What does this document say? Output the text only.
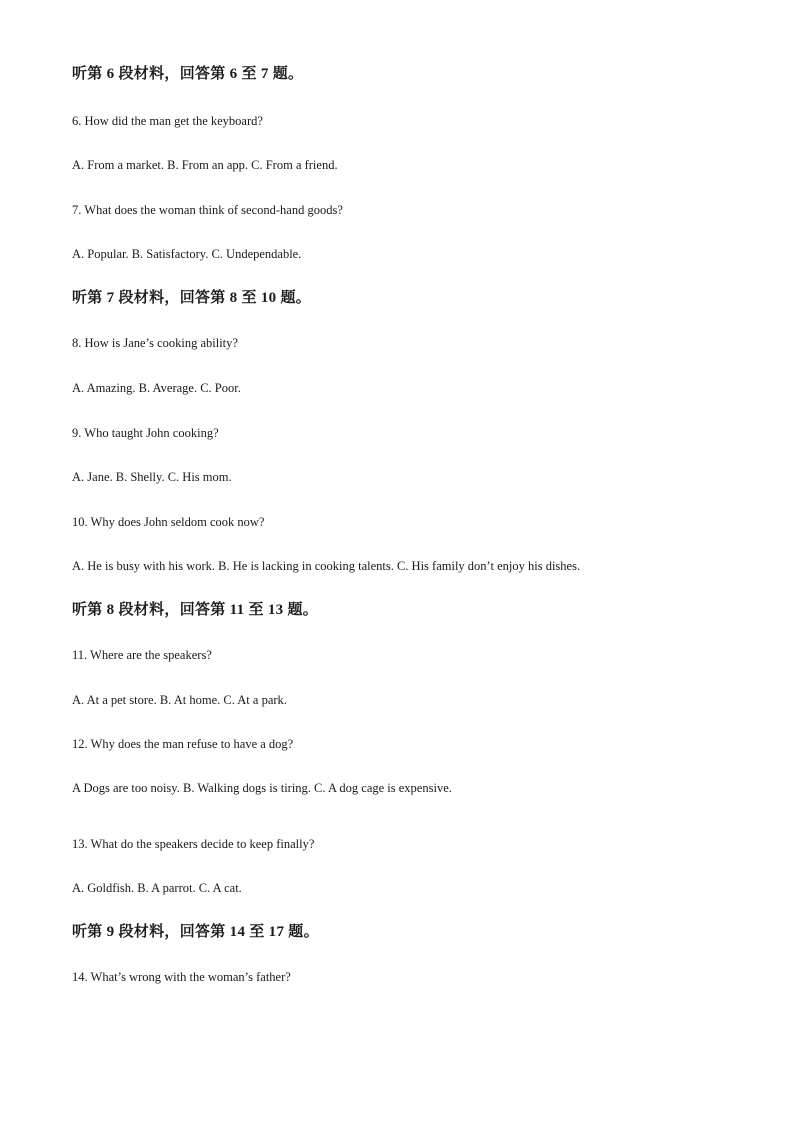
听第 6 段材料，回答第 6 至 7 题。
6. How did the man get the keyboard?
A. From a market. B. From an app. C. From a friend.
7. What does the woman think of second-hand goods?
A. Popular. B. Satisfactory. C. Undependable.
听第 7 段材料，回答第 8 至 10 题。
8. How is Jane’s cooking ability?
A. Amazing. B. Average. C. Poor.
9. Who taught John cooking?
A. Jane. B. Shelly. C. His mom.
10. Why does John seldom cook now?
A. He is busy with his work. B. He is lacking in cooking talents. C. His family don’t enjoy his dishes.
听第 8 段材料，回答第 11 至 13 题。
11. Where are the speakers?
A. At a pet store. B. At home. C. At a park.
12. Why does the man refuse to have a dog?
A Dogs are too noisy. B. Walking dogs is tiring. C. A dog cage is expensive.
13. What do the speakers decide to keep finally?
A. Goldfish. B. A parrot. C. A cat.
听第 9 段材料，回答第 14 至 17 题。
14. What’s wrong with the woman’s father?
